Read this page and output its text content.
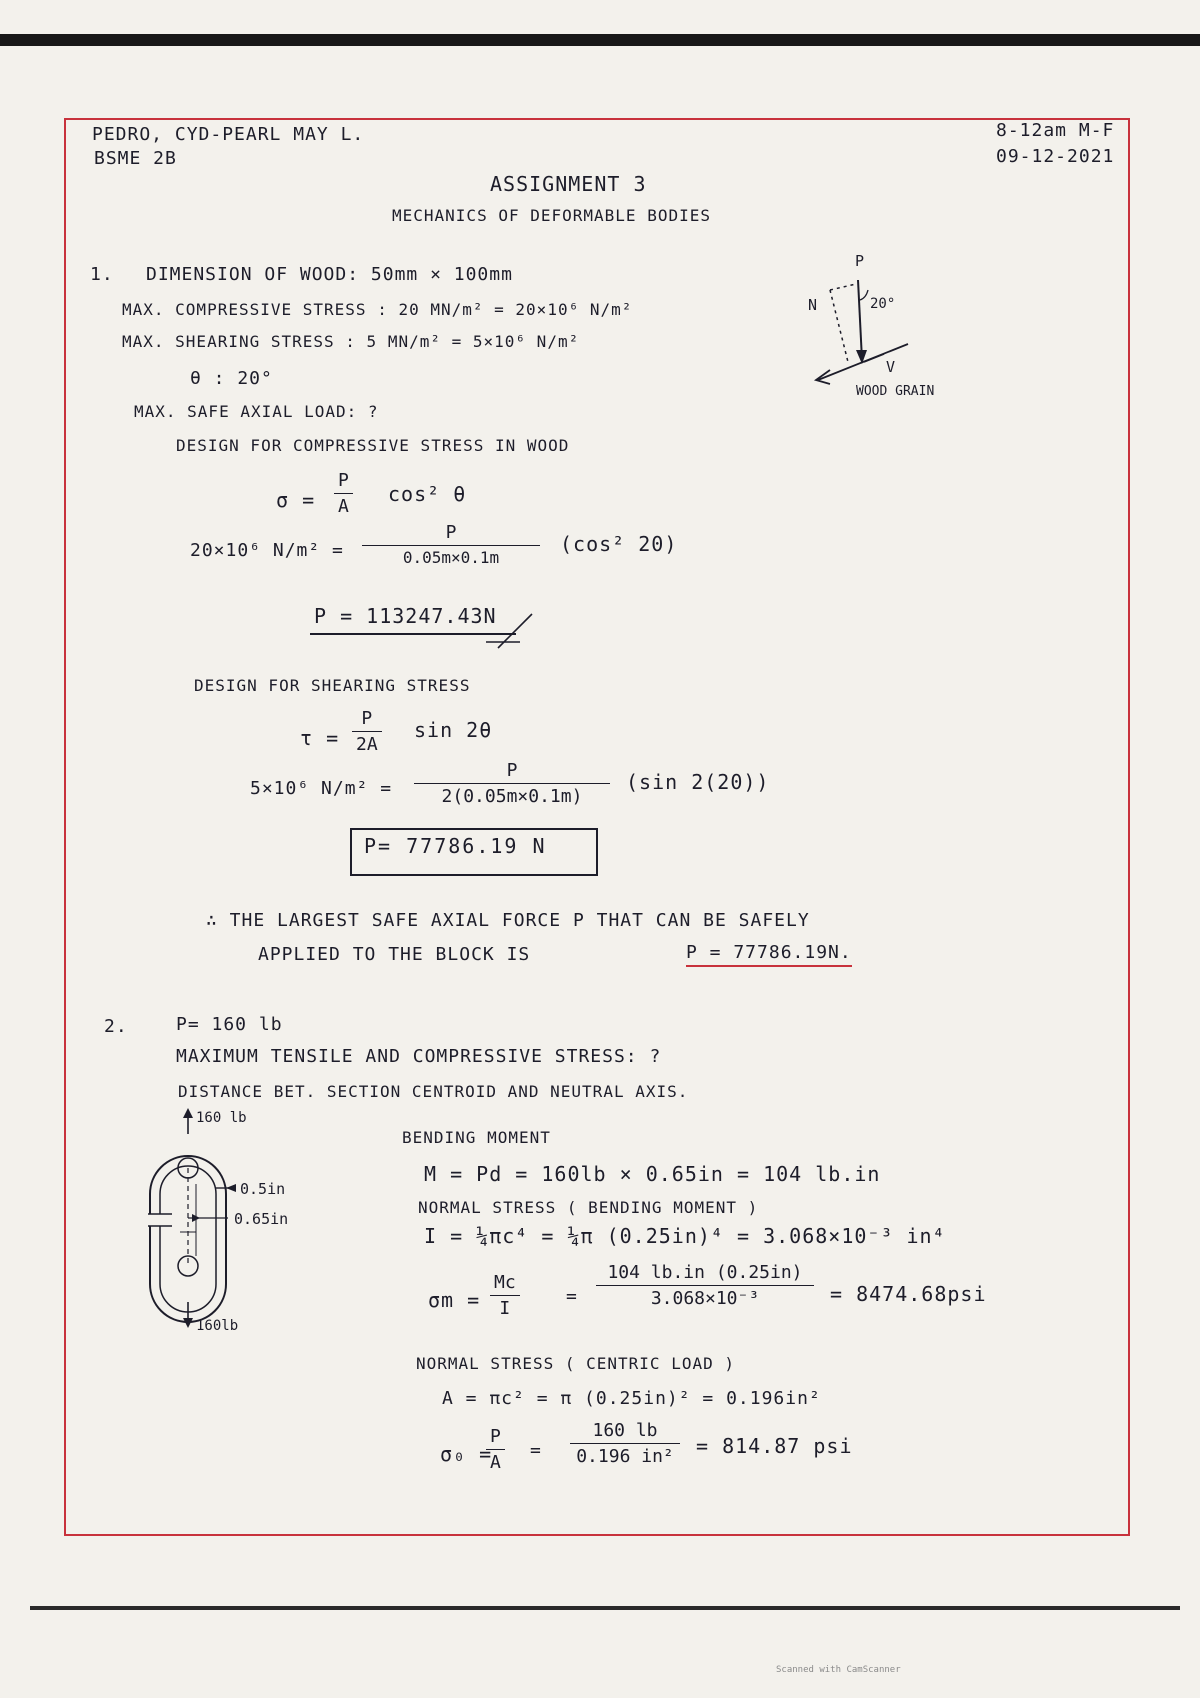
PEDRO, CYD-PEARL MAY L.
BSME 2B
8-12am M-F
09-12-2021
ASSIGNMENT 3
MECHANICS OF DEFORMABLE BODIES
1. DIMENSION OF WOOD: 50mm × 100mm
MAX. COMPRESSIVE STRESS : 20 MN/m² = 20×10⁶ N/m²
MAX. SHEARING STRESS : 5 MN/m² = 5×10⁶ N/m²
θ : 20°
MAX. SAFE AXIAL LOAD: ?
P
N
V
20°
WOOD GRAIN
DESIGN FOR COMPRESSIVE STRESS IN WOOD
$\sigma = \frac{P}{A} \cos^2$ θ
20×10⁶ $N/m^2 = \frac{P}{0.05m\times 0.1m} (\cos^2$ 20)
P = 113247.43N
DESIGN FOR SHEARING STRESS
$\tau = \frac{P}{2A}$ sin 2θ
5×10⁶ $N/m^2 = \frac{P}{2(0.05m\times 0.1m)} (\sin$ 2(20))
P= 77786.19 N
∴ THE LARGEST SAFE AXIAL FORCE P THAT CAN BE SAFELY
APPLIED TO THE BLOCK IS	P = 77786.19N.
2.	P= 160 lb
MAXIMUM TENSILE AND COMPRESSIVE STRESS: ?
DISTANCE BET. SECTION CENTROID AND NEUTRAL AXIS.
160 lb
160lb
0.5in
0.65in
BENDING MOMENT
M = Pd = 160lb × 0.65in = 104 lb.in
NORMAL STRESS ( BENDING MOMENT )
I = ¼πc⁴ = ¼π (0.25in)⁴ = 3.068×10⁻³ in⁴
$\sigma m = \frac{Mc}{I}$	= $\frac{104 lb.in (0.25in)}{\text{3.068×10⁻³}} = 8474.68psi$
NORMAL STRESS ( CENTRIC LOAD )
A = πc² = π (0.25in)² = 0.196in²
σ₀ =
$\frac{P}{A} = \frac{160 lb}{\text{0.196 in²}} = 814.87$ psi
Scanned with CamScanner
